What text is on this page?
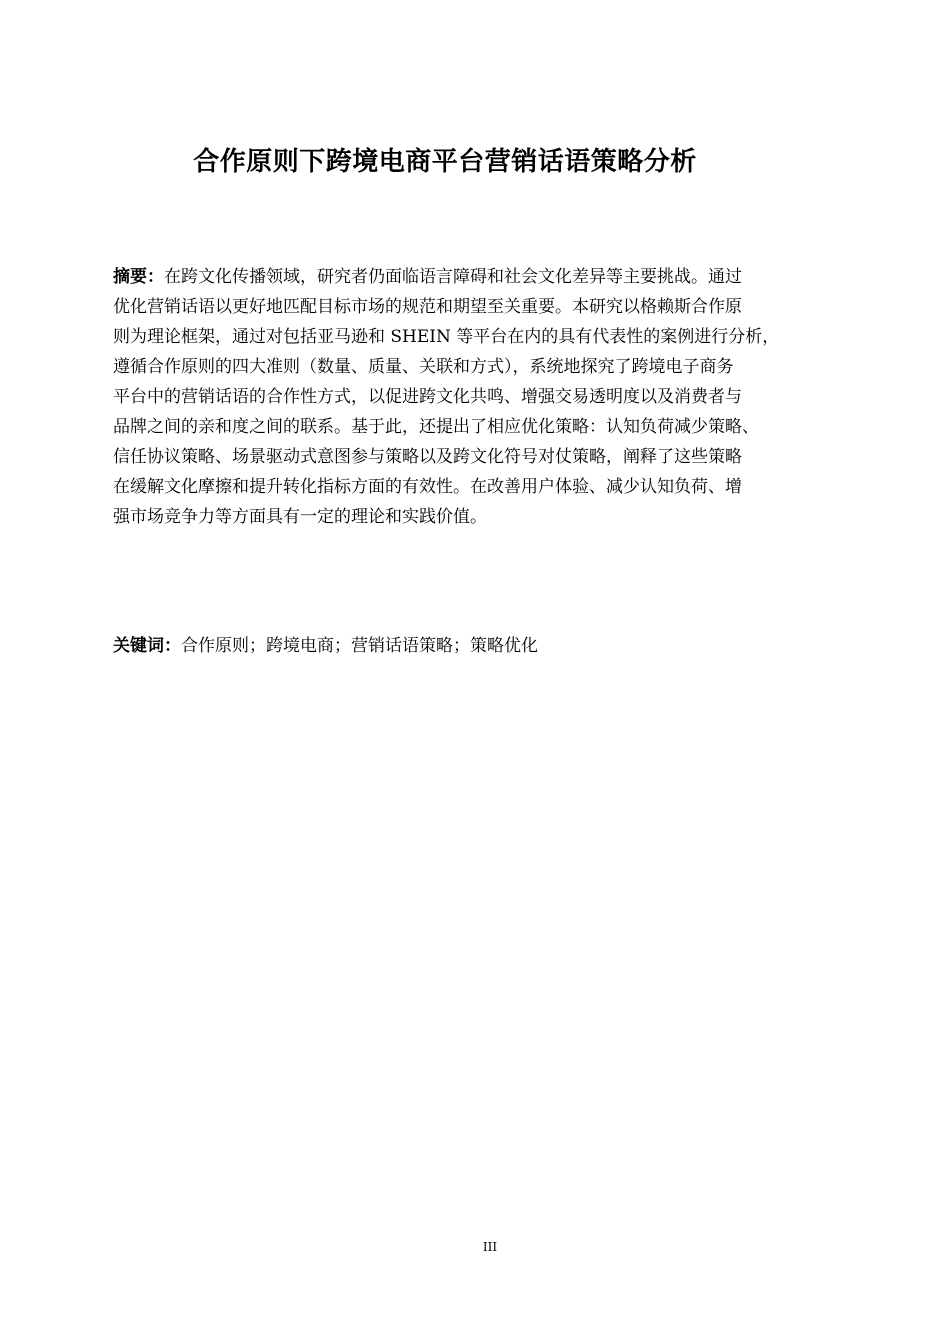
合作原则下跨境电商平台营销话语策略分析
摘要：在跨文化传播领域，研究者仍面临语言障碍和社会文化差异等主要挑战。通过
优化营销话语以更好地匹配目标市场的规范和期望至关重要。本研究以格赖斯合作原
则为理论框架，通过对包括亚马逊和 SHEIN 等平台在内的具有代表性的案例进行分析，
遵循合作原则的四大准则（数量、质量、关联和方式），系统地探究了跨境电子商务
平台中的营销话语的合作性方式，以促进跨文化共鸣、增强交易透明度以及消费者与
品牌之间的亲和度之间的联系。基于此，还提出了相应优化策略：认知负荷减少策略、
信任协议策略、场景驱动式意图参与策略以及跨文化符号对仗策略，阐释了这些策略
在缓解文化摩擦和提升转化指标方面的有效性。在改善用户体验、减少认知负荷、增
强市场竞争力等方面具有一定的理论和实践价值。
关键词：合作原则；跨境电商；营销话语策略；策略优化
III
